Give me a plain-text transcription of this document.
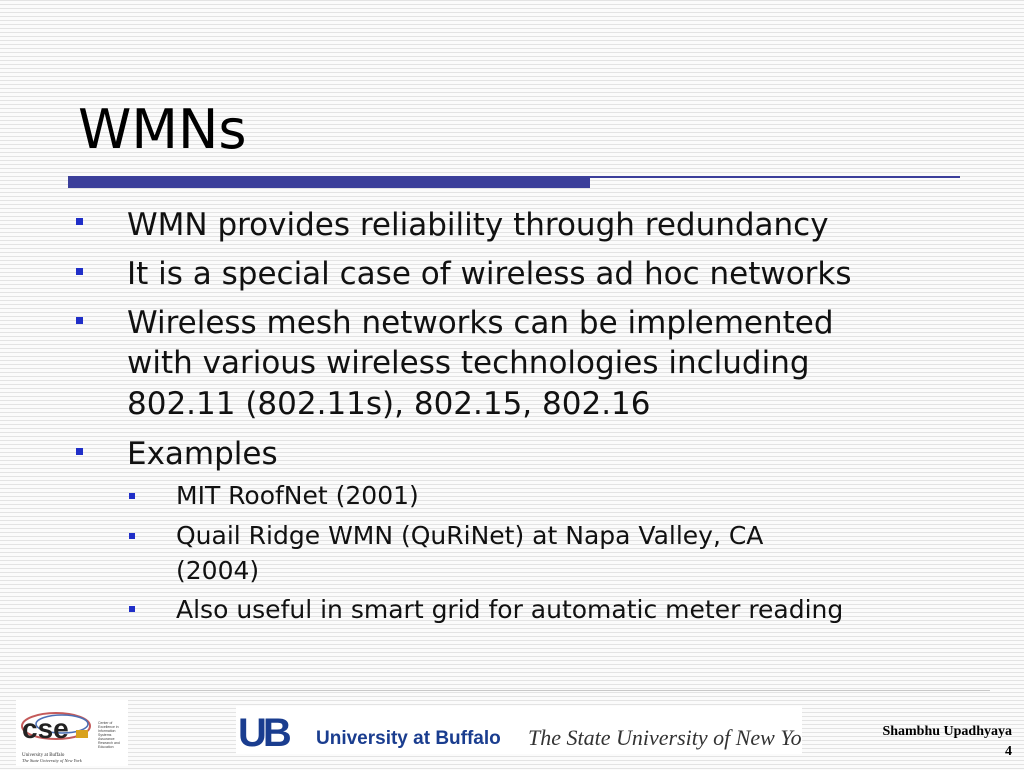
WMNs
WMN provides reliability through redundancy
It is a special case of wireless ad hoc networks
Wireless mesh networks can be implemented
with various wireless technologies including
802.11 (802.11s), 802.15, 802.16
Examples
MIT RoofNet (2001)
Quail Ridge WMN (QuRiNet) at Napa Valley, CA
(2004)
Also useful in smart grid for automatic meter reading
cse
University at Buffalo
The State University of New York
Center of
Excellence in
Information
Systems
Assurance
Research and
Education	UB University at Buffalo The State University of New York	Shambhu Upadhyaya
4
